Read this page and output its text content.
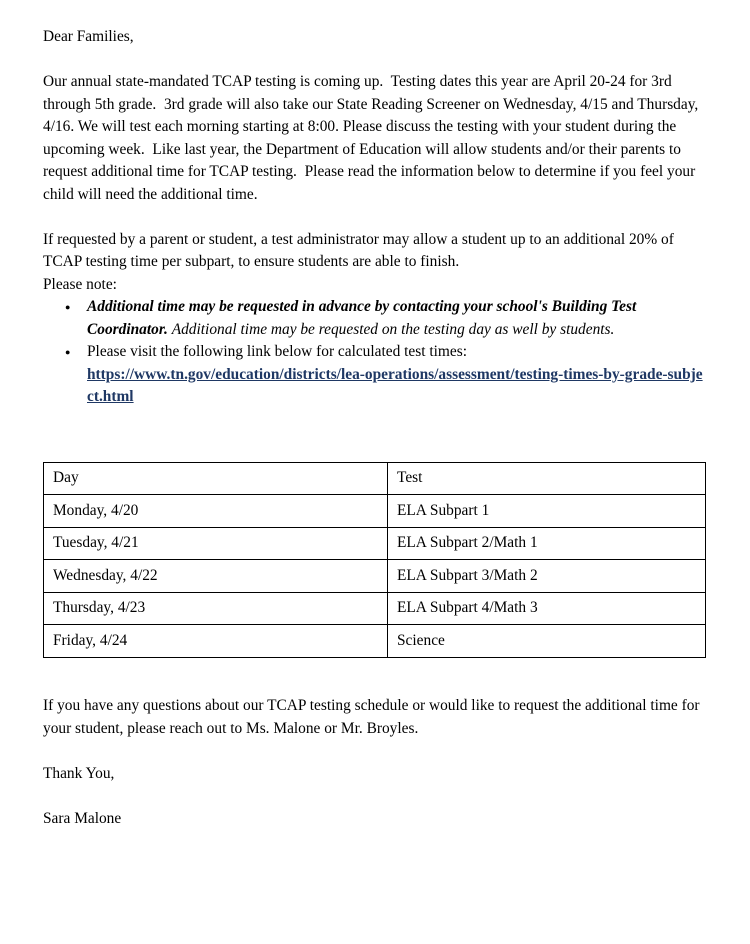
Dear Families,

Our annual state-mandated TCAP testing is coming up.  Testing dates this year are April 20-24 for 3rd through 5th grade.  3rd grade will also take our State Reading Screener on Wednesday, 4/15 and Thursday, 4/16. We will test each morning starting at 8:00. Please discuss the testing with your student during the upcoming week.  Like last year, the Department of Education will allow students and/or their parents to request additional time for TCAP testing.  Please read the information below to determine if you feel your child will need the additional time.

If requested by a parent or student, a test administrator may allow a student up to an additional 20% of TCAP testing time per subpart, to ensure students are able to finish.

Please note:

●	Additional time may be requested in advance by contacting your school's Building Test Coordinator. Additional time may be requested on the testing day as well by students.
●	Please visit the following link below for calculated test times:
https://www.tn.gov/education/districts/lea-operations/assessment/testing-times-by-grade-subject.html
Day	Test
Monday, 4/20	ELA Subpart 1
Tuesday, 4/21	ELA Subpart 2/Math 1
Wednesday, 4/22	ELA Subpart 3/Math 2
Thursday, 4/23	ELA Subpart 4/Math 3
Friday, 4/24	Science

If you have any questions about our TCAP testing schedule or would like to request the additional time for your student, please reach out to Ms. Malone or Mr. Broyles.

Thank You,

Sara Malone
